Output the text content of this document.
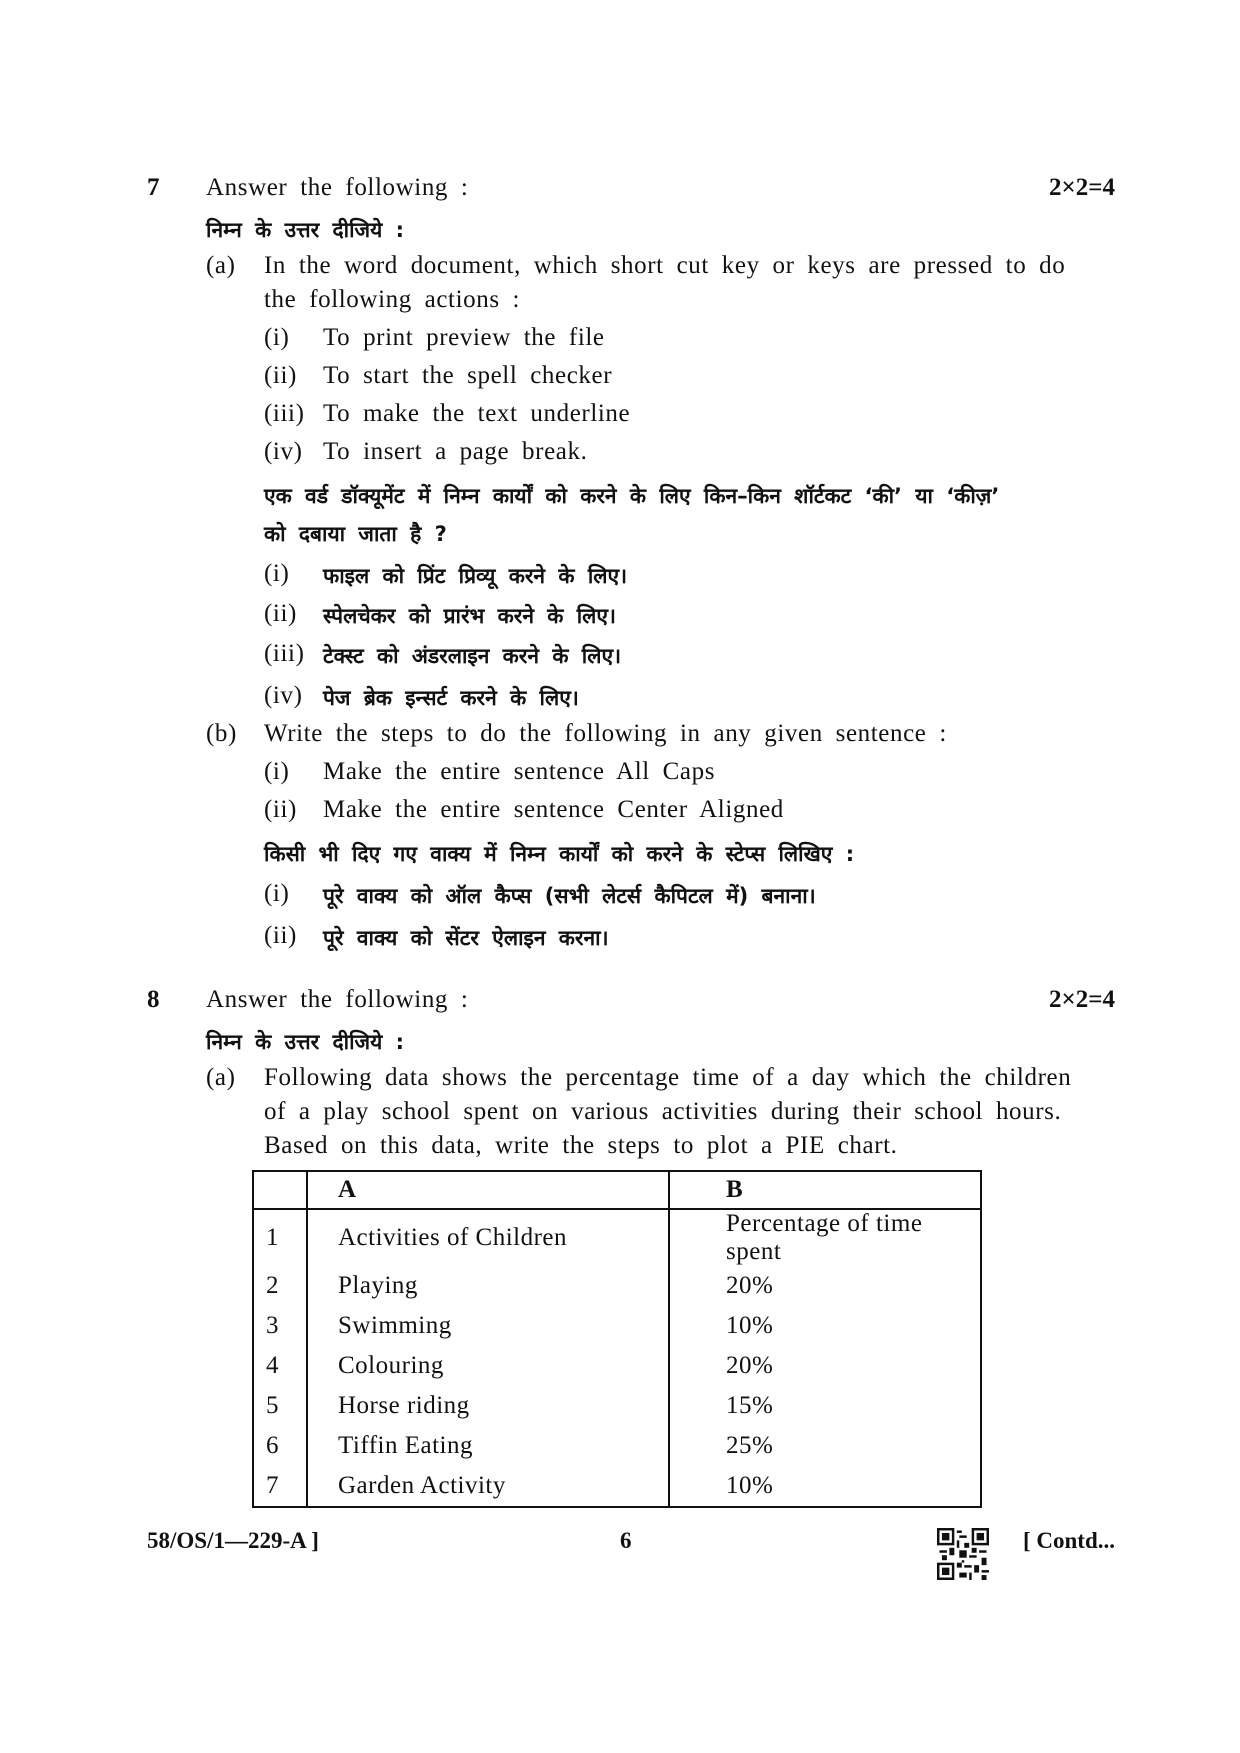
7 Answer the following :	2×2=4
निम्न के उत्तर दीजिये :
(a) In the word document, which short cut key or keys are pressed to do
the following actions :
(i) To print preview the file
(ii) To start the spell checker
(iii) To make the text underline
(iv) To insert a page break.
एक वर्ड डॉक्यूमेंट में निम्न कार्यों को करने के लिए किन–किन शॉर्टकट ‘की’ या ‘कीज़’
को दबाया जाता है ?
(i) फाइल को प्रिंट प्रिव्यू करने के लिए।
(ii) स्पेलचेकर को प्रारंभ करने के लिए।
(iii) टेक्स्ट को अंडरलाइन करने के लिए।
(iv) पेज ब्रेक इन्सर्ट करने के लिए।
(b) Write the steps to do the following in any given sentence :
(i) Make the entire sentence All Caps
(ii) Make the entire sentence Center Aligned
किसी भी दिए गए वाक्य में निम्न कार्यों को करने के स्टेप्स लिखिए :
(i) पूरे वाक्य को ऑल कैप्स (सभी लेटर्स कैपिटल में) बनाना।
(ii) पूरे वाक्य को सेंटर ऐलाइन करना।
8 Answer the following :	2×2=4
निम्न के उत्तर दीजिये :
(a) Following data shows the percentage time of a day which the children
of a play school spent on various activities during their school hours.
Based on this data, write the steps to plot a PIE chart.
	A	B
1	Activities of Children	Percentage of time spent
2	Playing	20%
3	Swimming	10%
4	Colouring	20%
5	Horse riding	15%
6	Tiffin Eating	25%
7	Garden Activity	10%
58/OS/1—229-A ]	6	[ Contd...
